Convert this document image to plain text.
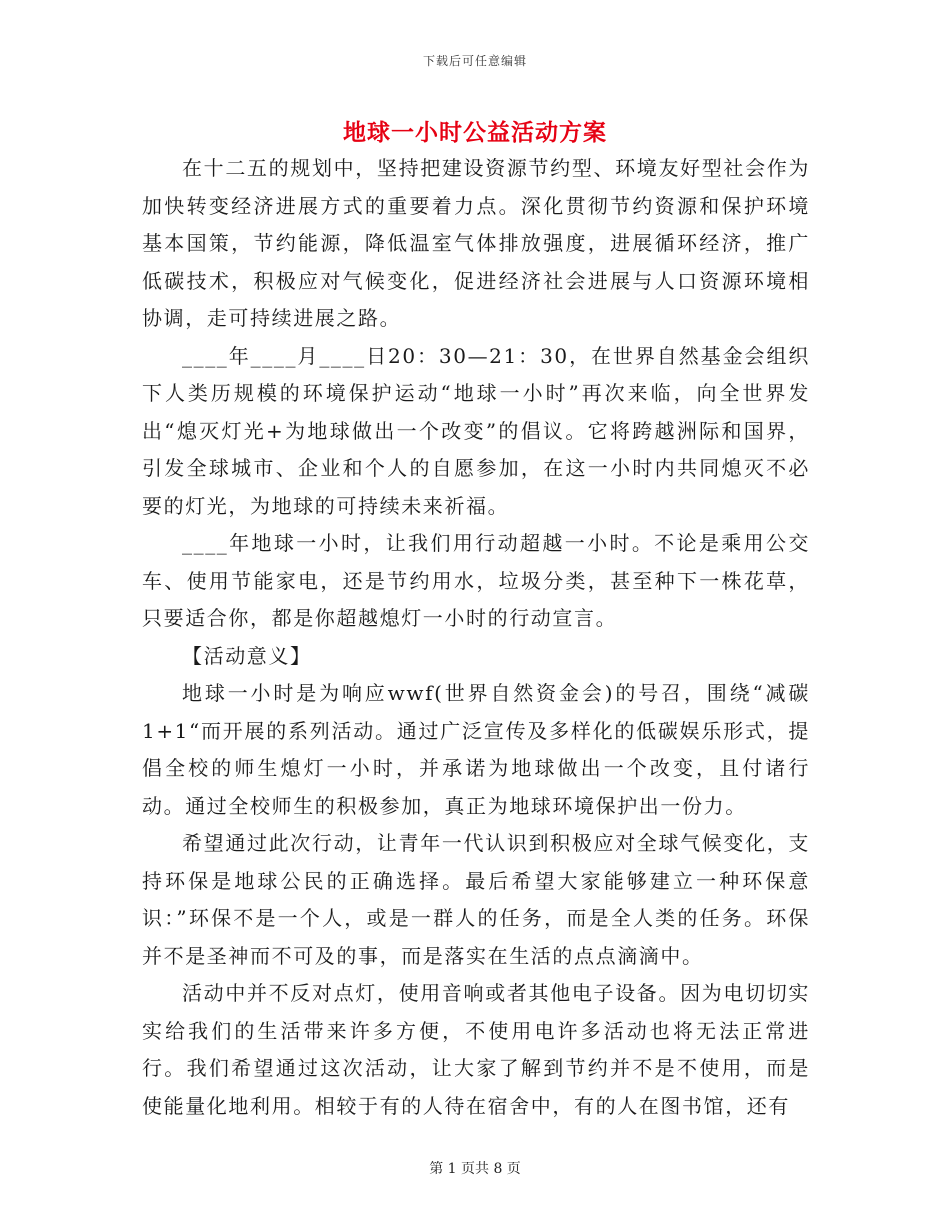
下载后可任意编辑
地球一小时公益活动方案

在十二五的规划中，坚持把建设资源节约型、环境友好型社会作为加快转变经济进展方式的重要着力点。深化贯彻节约资源和保护环境基本国策，节约能源，降低温室气体排放强度，进展循环经济，推广低碳技术，积极应对气候变化，促进经济社会进展与人口资源环境相协调，走可持续进展之路。

____年____月____日20：30—21：30，在世界自然基金会组织下人类历规模的环境保护运动“地球一小时”再次来临，向全世界发出“熄灭灯光+为地球做出一个改变”的倡议。它将跨越洲际和国界，引发全球城市、企业和个人的自愿参加，在这一小时内共同熄灭不必要的灯光，为地球的可持续未来祈福。

____年地球一小时，让我们用行动超越一小时。不论是乘用公交车、使用节能家电，还是节约用水，垃圾分类，甚至种下一株花草，只要适合你，都是你超越熄灯一小时的行动宣言。

【活动意义】

地球一小时是为响应wwf(世界自然资金会)的号召，围绕“减碳1+1“而开展的系列活动。通过广泛宣传及多样化的低碳娱乐形式，提倡全校的师生熄灯一小时，并承诺为地球做出一个改变，且付诸行动。通过全校师生的积极参加，真正为地球环境保护出一份力。

希望通过此次行动，让青年一代认识到积极应对全球气候变化，支持环保是地球公民的正确选择。最后希望大家能够建立一种环保意识：”环保不是一个人，或是一群人的任务，而是全人类的任务。环保并不是圣神而不可及的事，而是落实在生活的点点滴滴中。

活动中并不反对点灯，使用音响或者其他电子设备。因为电切切实实给我们的生活带来许多方便，不使用电许多活动也将无法正常进行。我们希望通过这次活动，让大家了解到节约并不是不使用，而是使能量化地利用。相较于有的人待在宿舍中，有的人在图书馆，还有

第 1 页共 8 页
